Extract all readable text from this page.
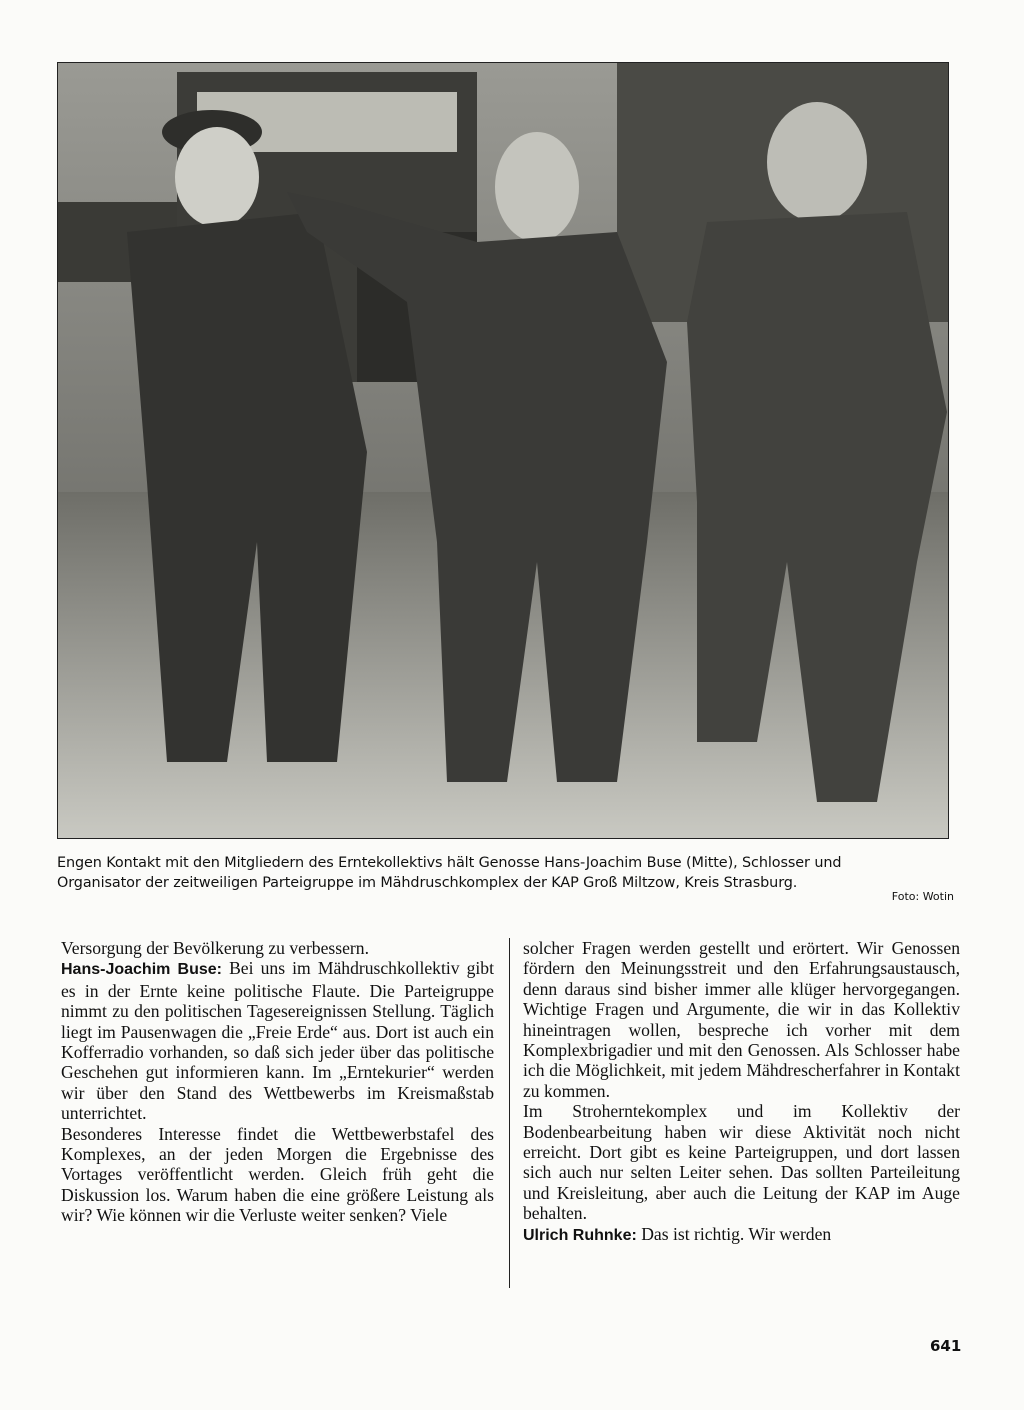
Engen Kontakt mit den Mitgliedern des Erntekollektivs hält Genosse Hans-Joachim Buse (Mitte), Schlosser und

Organisator der zeitweiligen Parteigruppe im Mähdruschkomplex der KAP Groß Miltzow, Kreis Strasburg.

Foto: Wotin

Versorgung der Bevölkerung zu verbessern.

Hans-Joachim Buse: Bei uns im Mähdruschkollektiv gibt es in der Ernte keine politische Flaute. Die Parteigruppe nimmt zu den politischen Tagesereignissen Stellung. Täglich liegt im Pausenwagen die „Freie Erde“ aus. Dort ist auch ein Kofferradio vorhanden, so daß sich jeder über das politische Geschehen gut informieren kann. Im „Erntekurier“ werden wir über den Stand des Wettbewerbs im Kreismaßstab unterrichtet.

Besonderes Interesse findet die Wettbewerbstafel des Komplexes, an der jeden Morgen die Ergebnisse des Vortages veröffentlicht werden. Gleich früh geht die Diskussion los. Warum haben die eine größere Leistung als wir? Wie können wir die Verluste weiter senken? Viele

solcher Fragen werden gestellt und erörtert. Wir Genossen fördern den Meinungsstreit und den Erfahrungsaustausch, denn daraus sind bisher immer alle klüger hervorgegangen. Wichtige Fragen und Argumente, die wir in das Kollektiv hineintragen wollen, bespreche ich vorher mit dem Komplexbrigadier und mit den Genossen. Als Schlosser habe ich die Möglichkeit, mit jedem Mähdrescherfahrer in Kontakt zu kommen.

Im Stroherntekomplex und im Kollektiv der Bodenbearbeitung haben wir diese Aktivität noch nicht erreicht. Dort gibt es keine Parteigruppen, und dort lassen sich auch nur selten Leiter sehen. Das sollten Parteileitung und Kreisleitung, aber auch die Leitung der KAP im Auge behalten.

Ulrich Ruhnke: Das ist richtig. Wir werden

641
